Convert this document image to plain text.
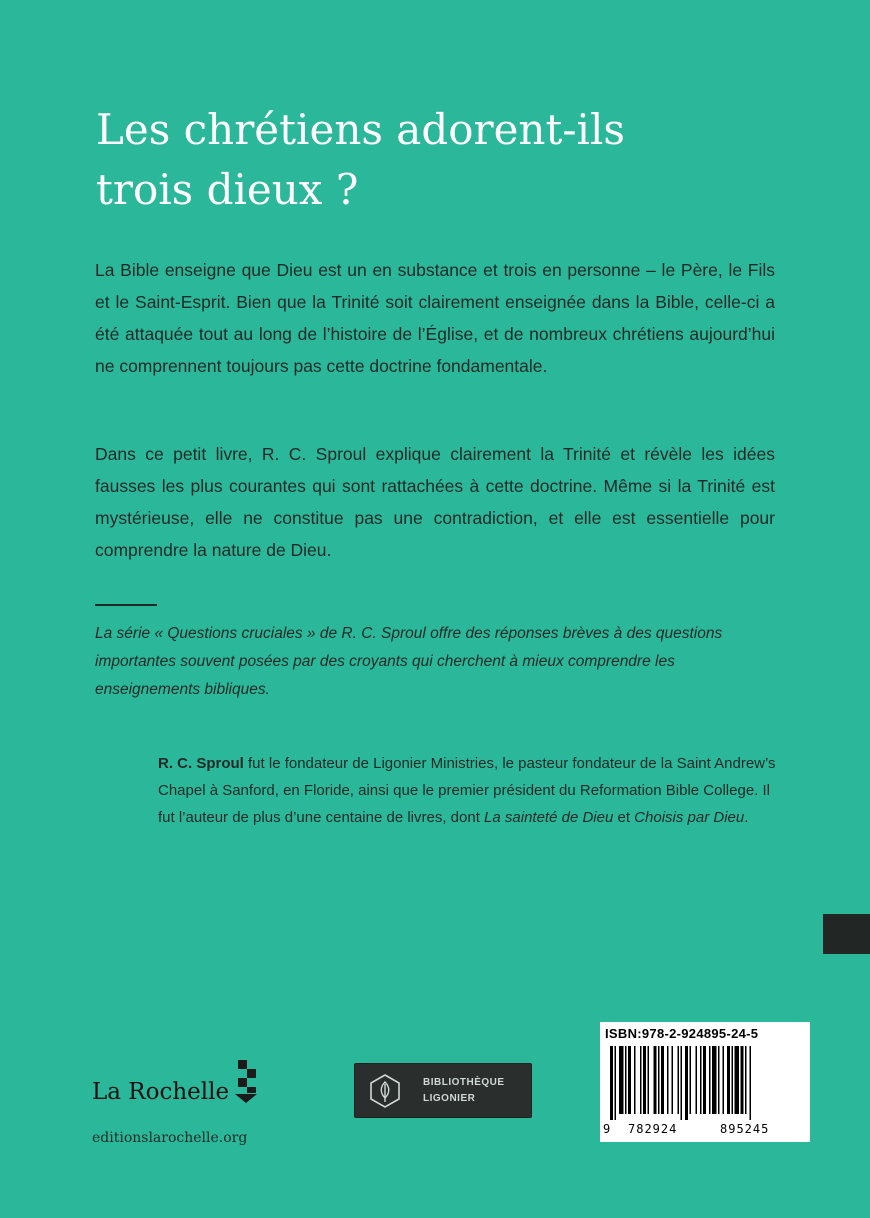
Les chrétiens adorent-ils
trois dieux ?

La Bible enseigne que Dieu est un en substance et trois en personne – le Père, le Fils et le Saint-Esprit. Bien que la Trinité soit clairement enseignée dans la Bible, celle-ci a été attaquée tout au long de l’histoire de l’Église, et de nombreux chrétiens aujourd’hui ne comprennent toujours pas cette doctrine fondamentale.

Dans ce petit livre, R. C. Sproul explique clairement la Trinité et révèle les idées fausses les plus courantes qui sont rattachées à cette doctrine. Même si la Trinité est mystérieuse, elle ne constitue pas une contradiction, et elle est essentielle pour comprendre la nature de Dieu.

La série « Questions cruciales » de R. C. Sproul offre des réponses brèves à des questions importantes souvent posées par des croyants qui cherchent à mieux comprendre les enseignements bibliques.

R. C. Sproul fut le fondateur de Ligonier Ministries, le pasteur fondateur de la Saint Andrew’s Chapel à Sanford, en Floride, ainsi que le premier président du Reformation Bible College. Il fut l’auteur de plus d’une centaine de livres, dont La sainteté de Dieu et Choisis par Dieu.

La Rochelle
editionslarochelle.org
BIBLIOTHÈQUE
LIGONIER
ISBN:978-2-924895-24-5
9 782924	895245
